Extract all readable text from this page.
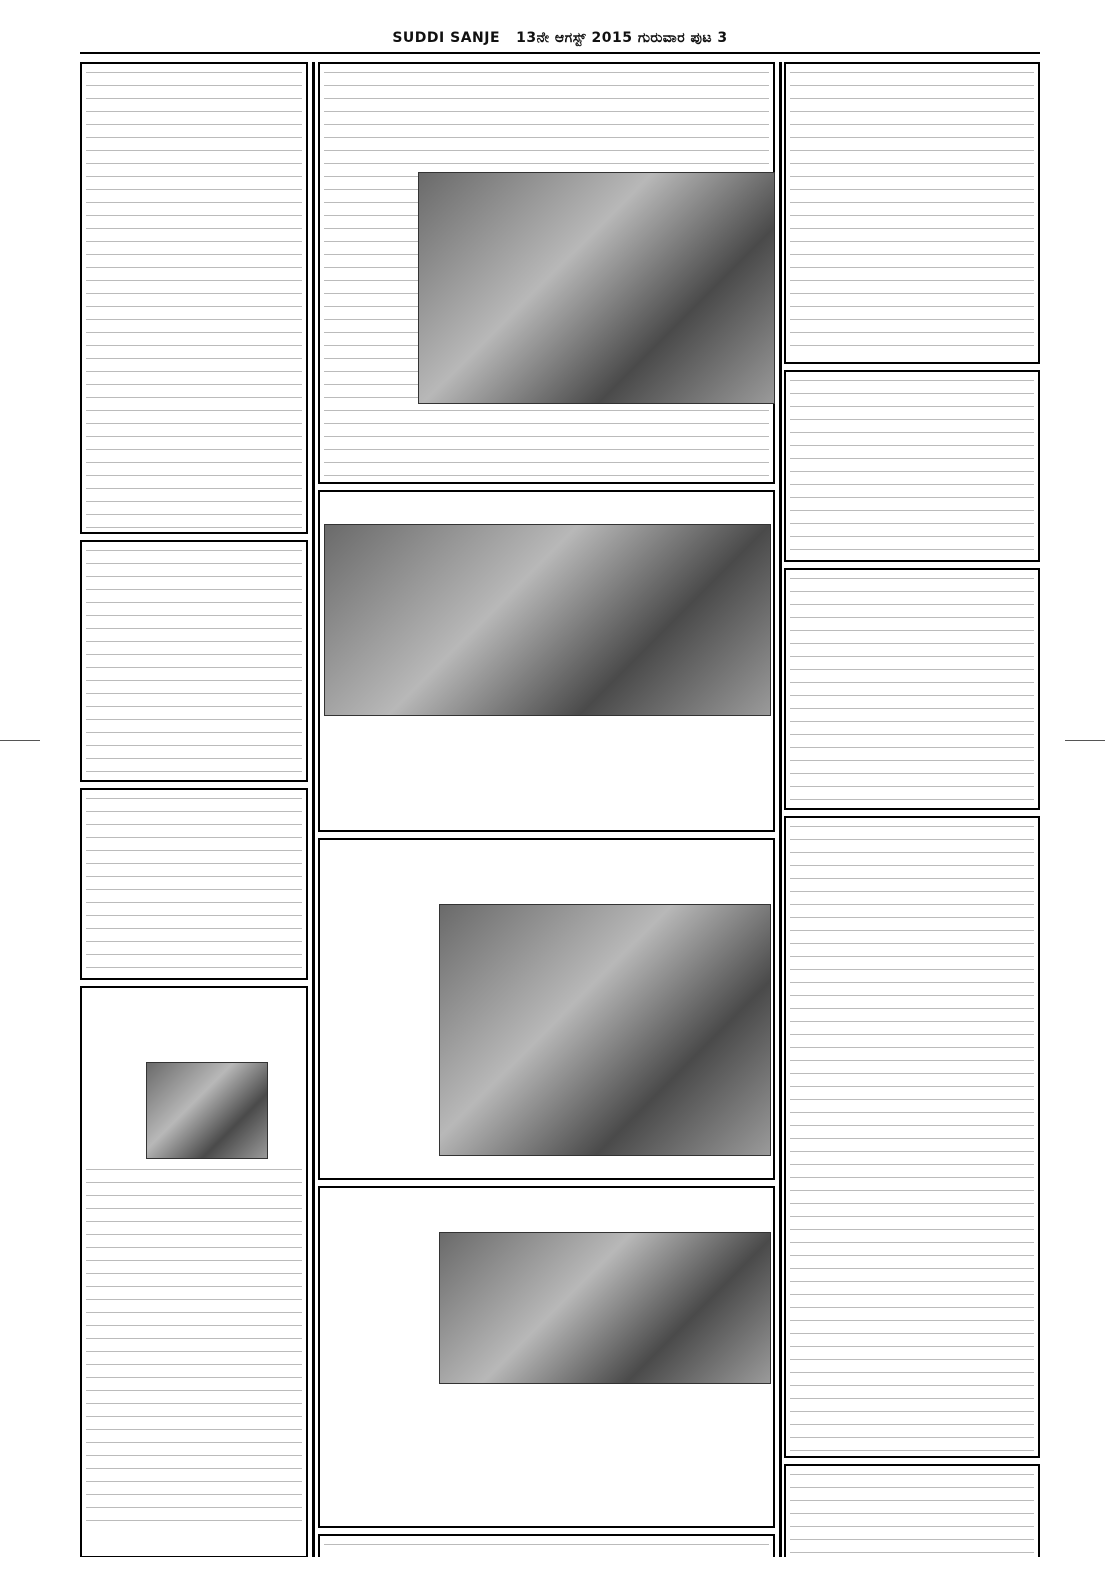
SUDDI SANJE 13ನೇ ಆಗಸ್ಟ್ 2015 ಗುರುವಾರ ಪುಟ 3
